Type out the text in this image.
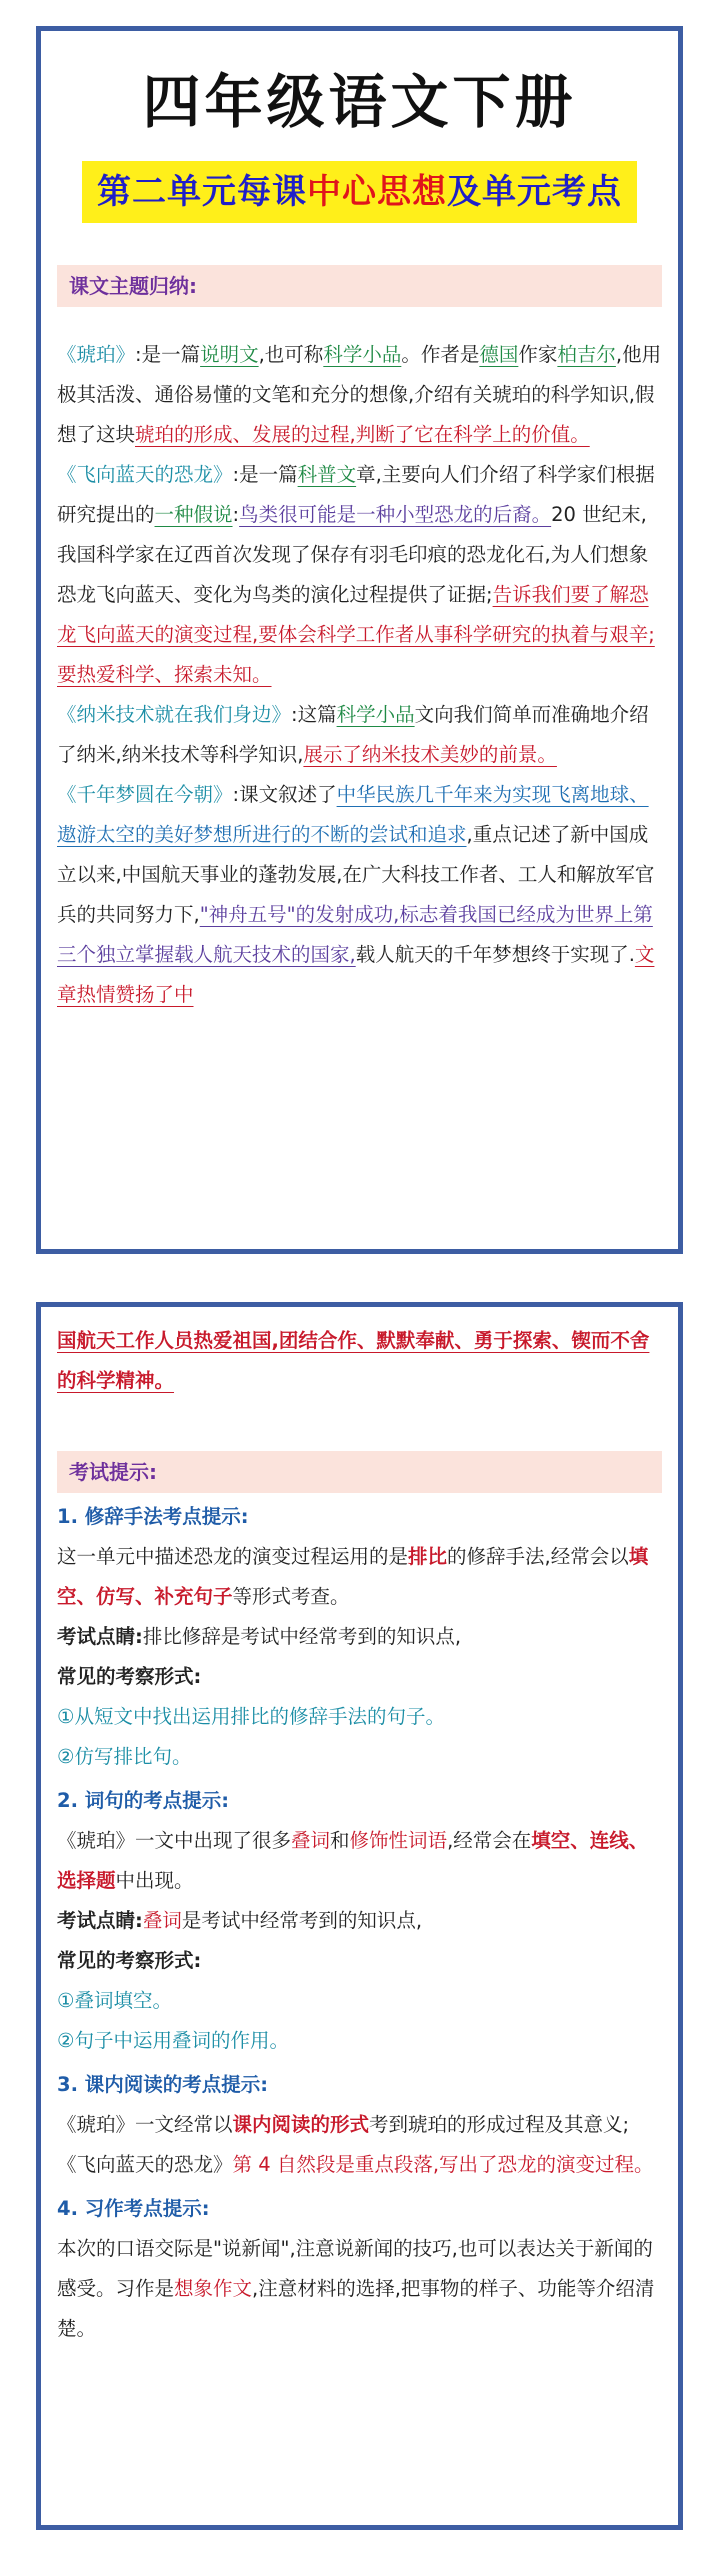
四年级语文下册
第二单元每课中心思想及单元考点
课文主题归纳:

《琥珀》:是一篇说明文,也可称科学小品。作者是德国作家柏吉尔,他用极其活泼、通俗易懂的文笔和充分的想像,介绍有关琥珀的科学知识,假想了这块琥珀的形成、发展的过程,判断了它在科学上的价值。

《飞向蓝天的恐龙》:是一篇科普文章,主要向人们介绍了科学家们根据研究提出的一种假说:鸟类很可能是一种小型恐龙的后裔。20 世纪末,我国科学家在辽西首次发现了保存有羽毛印痕的恐龙化石,为人们想象恐龙飞向蓝天、变化为鸟类的演化过程提供了证据;告诉我们要了解恐龙飞向蓝天的演变过程,要体会科学工作者从事科学研究的执着与艰辛;要热爱科学、探索未知。

《纳米技术就在我们身边》:这篇科学小品文向我们简单而准确地介绍了纳米,纳米技术等科学知识,展示了纳米技术美妙的前景。

《千年梦圆在今朝》:课文叙述了中华民族几千年来为实现飞离地球、遨游太空的美好梦想所进行的不断的尝试和追求,重点记述了新中国成立以来,中国航天事业的蓬勃发展,在广大科技工作者、工人和解放军官兵的共同努力下,"神舟五号"的发射成功,标志着我国已经成为世界上第三个独立掌握载人航天技术的国家,载人航天的千年梦想终于实现了.文章热情赞扬了中

国航天工作人员热爱祖国,团结合作、默默奉献、勇于探索、锲而不舍的科学精神。

考试提示:

1. 修辞手法考点提示:

这一单元中描述恐龙的演变过程运用的是排比的修辞手法,经常会以填空、仿写、补充句子等形式考查。

考试点睛:排比修辞是考试中经常考到的知识点,

常见的考察形式:

①从短文中找出运用排比的修辞手法的句子。

②仿写排比句。

2. 词句的考点提示:

《琥珀》一文中出现了很多叠词和修饰性词语,经常会在填空、连线、选择题中出现。

考试点睛:叠词是考试中经常考到的知识点,

常见的考察形式:

①叠词填空。

②句子中运用叠词的作用。

3. 课内阅读的考点提示:

《琥珀》一文经常以课内阅读的形式考到琥珀的形成过程及其意义;《飞向蓝天的恐龙》第 4 自然段是重点段落,写出了恐龙的演变过程。

4. 习作考点提示:

本次的口语交际是"说新闻",注意说新闻的技巧,也可以表达关于新闻的感受。习作是想象作文,注意材料的选择,把事物的样子、功能等介绍清楚。
